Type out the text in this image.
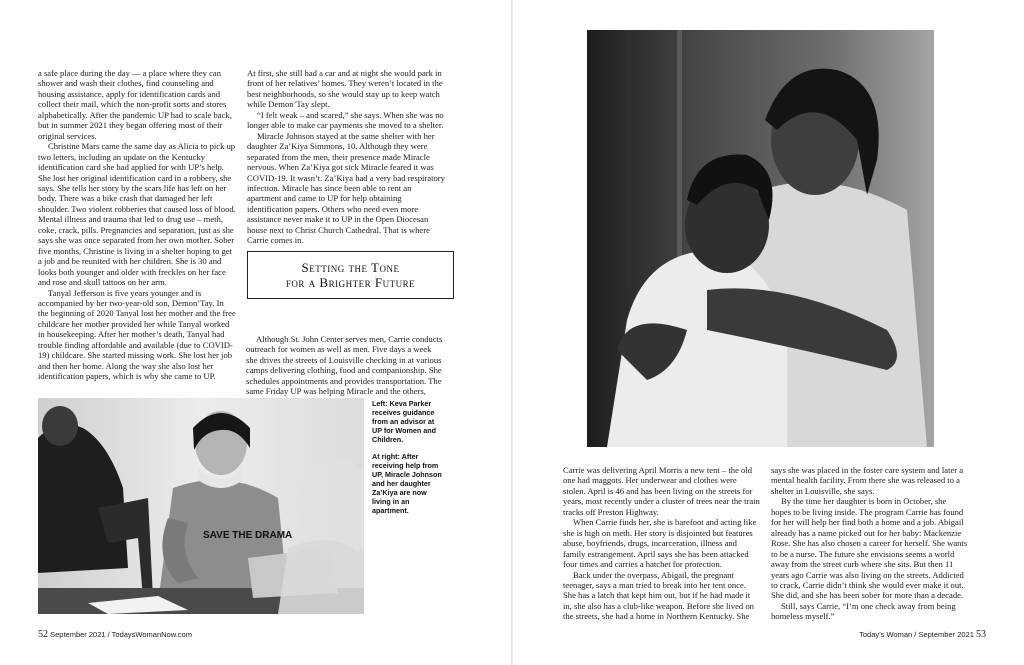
a safe place during the day — a place where they can shower and wash their clothes, find counseling and housing assistance, apply for identification cards and collect their mail, which the non-profit sorts and stores alphabetically. After the pandemic UP had to scale back, but in summer 2021 they began offering most of their original services.

Christine Mars came the same day as Alicia to pick up two letters, including an update on the Kentucky identification card she had applied for with UP’s help. She lost her original identification card in a robbery, she says. She tells her story by the scars life has left on her body. There was a bike crash that damaged her left shoulder. Two violent robberies that caused loss of blood. Mental illness and trauma that led to drug use – meth, coke, crack, pills. Pregnancies and separation, just as she says she was once separated from her own mother. Sober five months, Christine is living in a shelter hoping to get a job and be reunited with her children. She is 30 and looks both younger and older with freckles on her face and rose and skull tattoos on her arm.

Tanyal Jefferson is five years younger and is accompanied by her two-year-old son, Demon’Tay. In the beginning of 2020 Tanyal lost her mother and the free childcare her mother provided her while Tanyal worked in housekeeping. After her mother’s death, Tanyal had trouble finding affordable and available (due to COVID-19) childcare. She started missing work. She lost her job and then her home. Along the way she also lost her identification papers, which is why she came to UP.

At first, she still had a car and at night she would park in front of her relatives’ homes. They weren’t located in the best neighborhoods, so she would stay up to keep watch while Demon’Tay slept.

“I felt weak – and scared,” she says. When she was no longer able to make car payments she moved to a shelter.

Miracle Johnson stayed at the same shelter with her daughter Za’Kiya Simmons, 10. Although they were separated from the men, their presence made Miracle nervous. When Za’Kiya got sick Miracle feared it was COVID-19. It wasn’t. Za’Kiya had a very bad respiratory infection. Miracle has since been able to rent an apartment and came to UP for help obtaining identification papers. Others who need even more assistance never make it to UP in the Open Diocesan house next to Christ Church Cathedral. That is where Carrie comes in.

Setting the Tone
for a Brighter Future

Although St. John Center serves men, Carrie conducts outreach for women as well as men. Five days a week she drives the streets of Louisville checking in at various camps delivering clothing, food and companionship. She schedules appointments and provides transportation. The same Friday UP was helping Miracle and the others,

SAVE THE DRAMA

Left: Keva Parker receives guidance from an advisor at UP for Women and Children.

At right: After receiving help from UP, Miracle Johnson and her daughter Za’Kiya are now living in an apartment.

Carrie was delivering April Morris a new tent – the old one had maggots. Her underwear and clothes were stolen. April is 46 and has been living on the streets for years, most recently under a cluster of trees near the train tracks off Preston Highway.

When Carrie finds her, she is barefoot and acting like she is high on meth. Her story is disjointed but features abuse, boyfriends, drugs, incarceration, illness and family estrangement. April says she has been attacked four times and carries a hatchet for protection.

Back under the overpass, Abigail, the pregnant teenager, says a man tried to break into her tent once. She has a latch that kept him out, but if he had made it in, she also has a club-like weapon. Before she lived on the streets, she had a home in Northern Kentucky. She

says she was placed in the foster care system and later a mental health facility. From there she was released to a shelter in Louisville, she says.

By the time her daughter is born in October, she hopes to be living inside. The program Carrie has found for her will help her find both a home and a job. Abigail already has a name picked out for her baby: Mackenzie Rose. She has also chosen a career for herself. She wants to be a nurse. The future she envisions seems a world away from the street curb where she sits. But then 11 years ago Carrie was also living on the streets. Addicted to crack, Carrie didn’t think she would ever make it out. She did, and she has been sober for more than a decade.

Still, says Carrie, “I’m one check away from being homeless myself.”

52 September 2021 / TodaysWomanNow.com	Today’s Woman / September 2021 53
